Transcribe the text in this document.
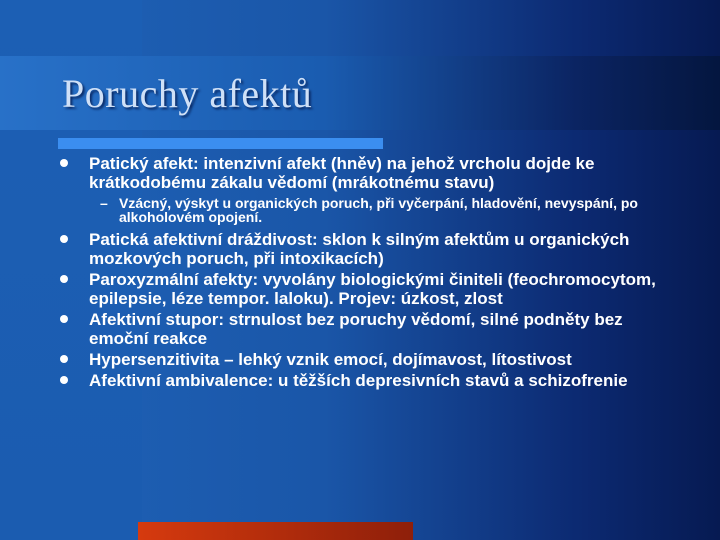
Poruchy afektů
Patický afekt: intenzivní afekt (hněv) na jehož vrcholu dojde ke krátkodobému zákalu vědomí (mrákotnému stavu)
– Vzácný, výskyt u organických poruch, při vyčerpání, hladovění, nevyspání, po alkoholovém opojení.
Patická afektivní dráždivost: sklon k silným afektům u organických mozkových poruch, při intoxikacích)
Paroxyzmální afekty: vyvolány biologickými činiteli (feochromocytom, epilepsie, léze tempor. laloku). Projev: úzkost, zlost
Afektivní stupor: strnulost bez poruchy vědomí, silné podněty bez emoční reakce
Hypersenzitivita – lehký vznik emocí, dojímavost, lítostivost
Afektivní ambivalence: u těžších depresivních stavů a schizofrenie
